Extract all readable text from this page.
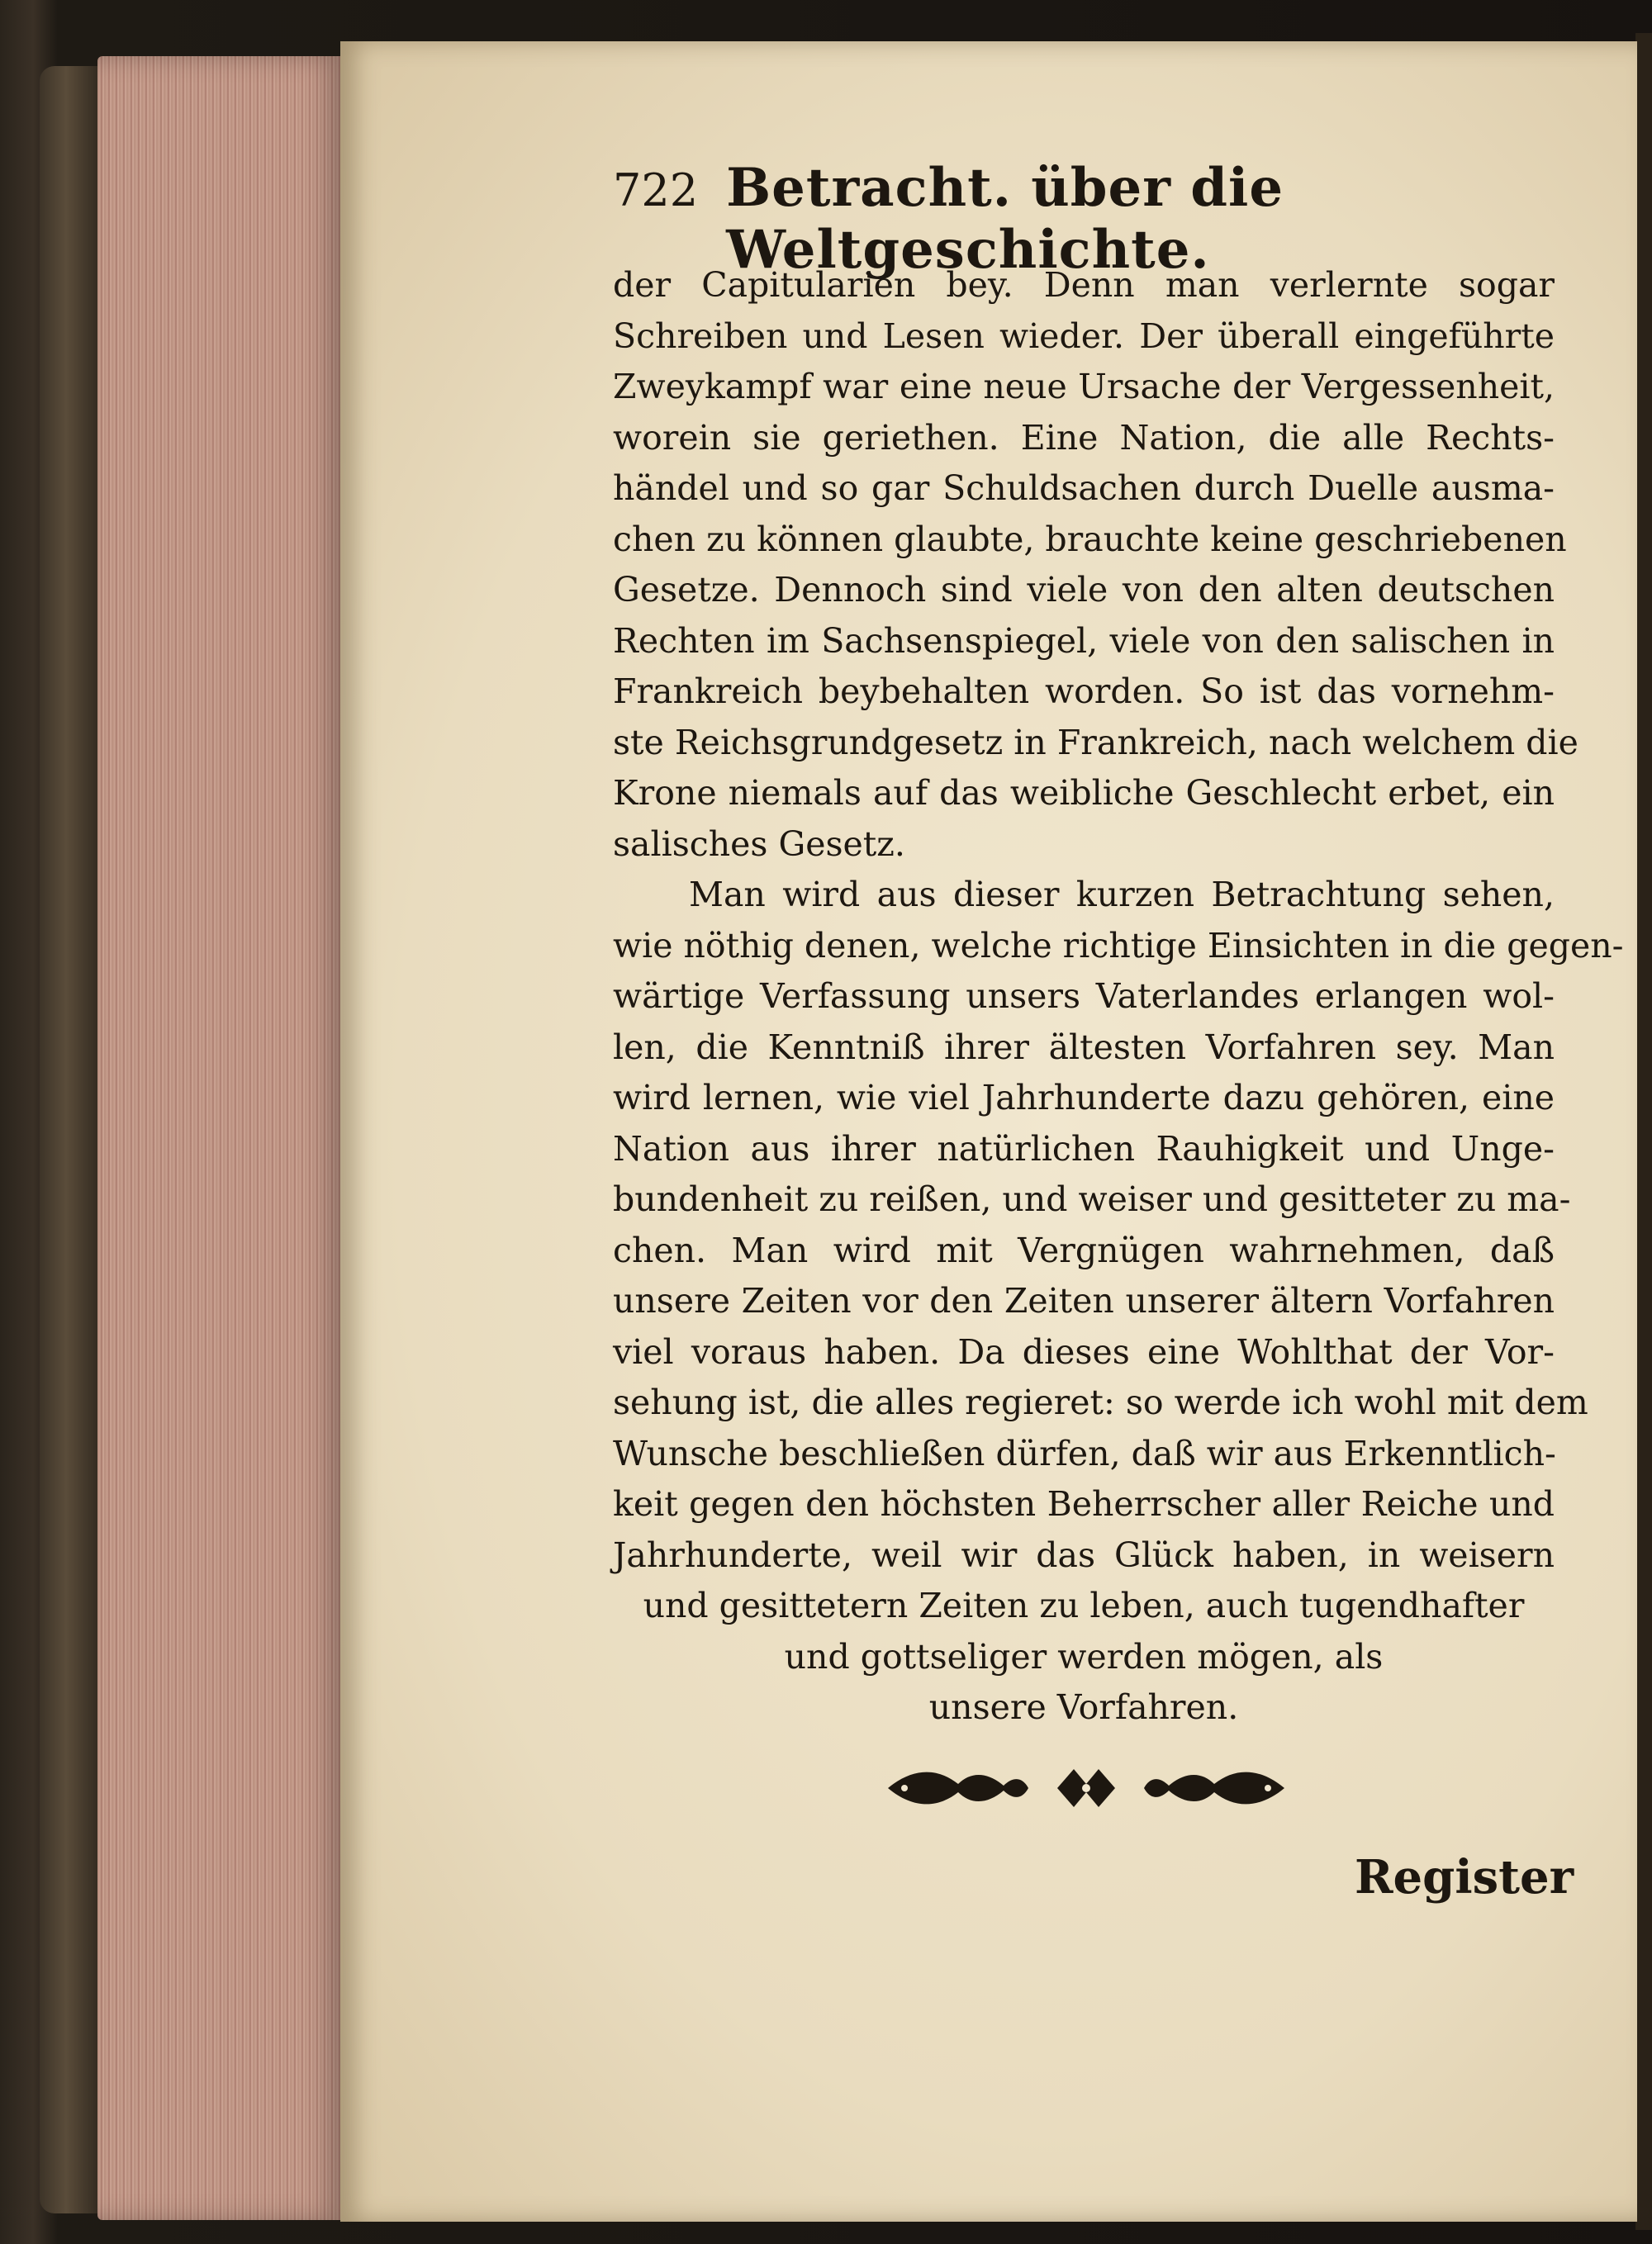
722 Betracht. über die Weltgeschichte.
der Capitularien bey. Denn man verlernte sogar
Schreiben und Lesen wieder. Der überall eingeführte
Zweykampf war eine neue Ursache der Vergessenheit,
worein sie geriethen. Eine Nation, die alle Rechts-
händel und so gar Schuldsachen durch Duelle ausma-
chen zu können glaubte, brauchte keine geschriebenen
Gesetze. Dennoch sind viele von den alten deutschen
Rechten im Sachsenspiegel, viele von den salischen in
Frankreich beybehalten worden. So ist das vornehm-
ste Reichsgrundgesetz in Frankreich, nach welchem die
Krone niemals auf das weibliche Geschlecht erbet, ein
salisches Gesetz.
Man wird aus dieser kurzen Betrachtung sehen,
wie nöthig denen, welche richtige Einsichten in die gegen-
wärtige Verfassung unsers Vaterlandes erlangen wol-
len, die Kenntniß ihrer ältesten Vorfahren sey. Man
wird lernen, wie viel Jahrhunderte dazu gehören, eine
Nation aus ihrer natürlichen Rauhigkeit und Unge-
bundenheit zu reißen, und weiser und gesitteter zu ma-
chen. Man wird mit Vergnügen wahrnehmen, daß
unsere Zeiten vor den Zeiten unserer ältern Vorfahren
viel voraus haben. Da dieses eine Wohlthat der Vor-
sehung ist, die alles regieret: so werde ich wohl mit dem
Wunsche beschließen dürfen, daß wir aus Erkenntlich-
keit gegen den höchsten Beherrscher aller Reiche und
Jahrhunderte, weil wir das Glück haben, in weisern
und gesittetern Zeiten zu leben, auch tugendhafter
und gottseliger werden mögen, als
unsere Vorfahren.
Register
